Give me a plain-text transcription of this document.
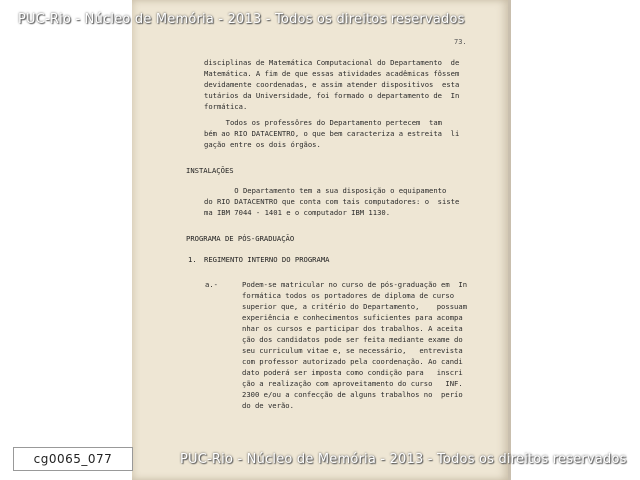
PUC-Rio - Núcleo de Memória - 2013 - Todos os direitos reservados
73.
disciplinas de Matemática Computacional do Departamento  de
Matemática. A fim de que essas atividades acadêmicas fôssem
devidamente coordenadas, e assim atender dispositivos  esta
tutários da Universidade, foi formado o departamento de  In
formática.
Todos os professôres do Departamento pertecem  tam
bém ao RIO DATACENTRO, o que bem caracteriza a estreita  li
gação entre os dois órgãos.
INSTALAÇÕES
O Departamento tem a sua disposição o equipamento
do RIO DATACENTRO que conta com tais computadores: o  siste
ma IBM 7044 - 1401 e o computador IBM 1130.
PROGRAMA DE PÓS-GRADUAÇÃO
1. REGIMENTO INTERNO DO PROGRAMA
a.-	Podem-se matricular no curso de pós-graduação em  In
formática todos os portadores de diploma de curso
superior que, a critério do Departamento,    possuam
experiência e conhecimentos suficientes para acompa
nhar os cursos e participar dos trabalhos. A aceita
ção dos candidatos pode ser feita mediante exame do
seu curriculum vitae e, se necessário,   entrevista
com professor autorizado pela coordenação. Ao candi
dato poderá ser imposta como condição para   inscri
ção a realização com aproveitamento do curso   INF.
2300 e/ou a confecção de alguns trabalhos no  perío
do de verão.
PUC-Rio - Núcleo de Memória - 2013 - Todos os direitos reservados
cg0065_077
